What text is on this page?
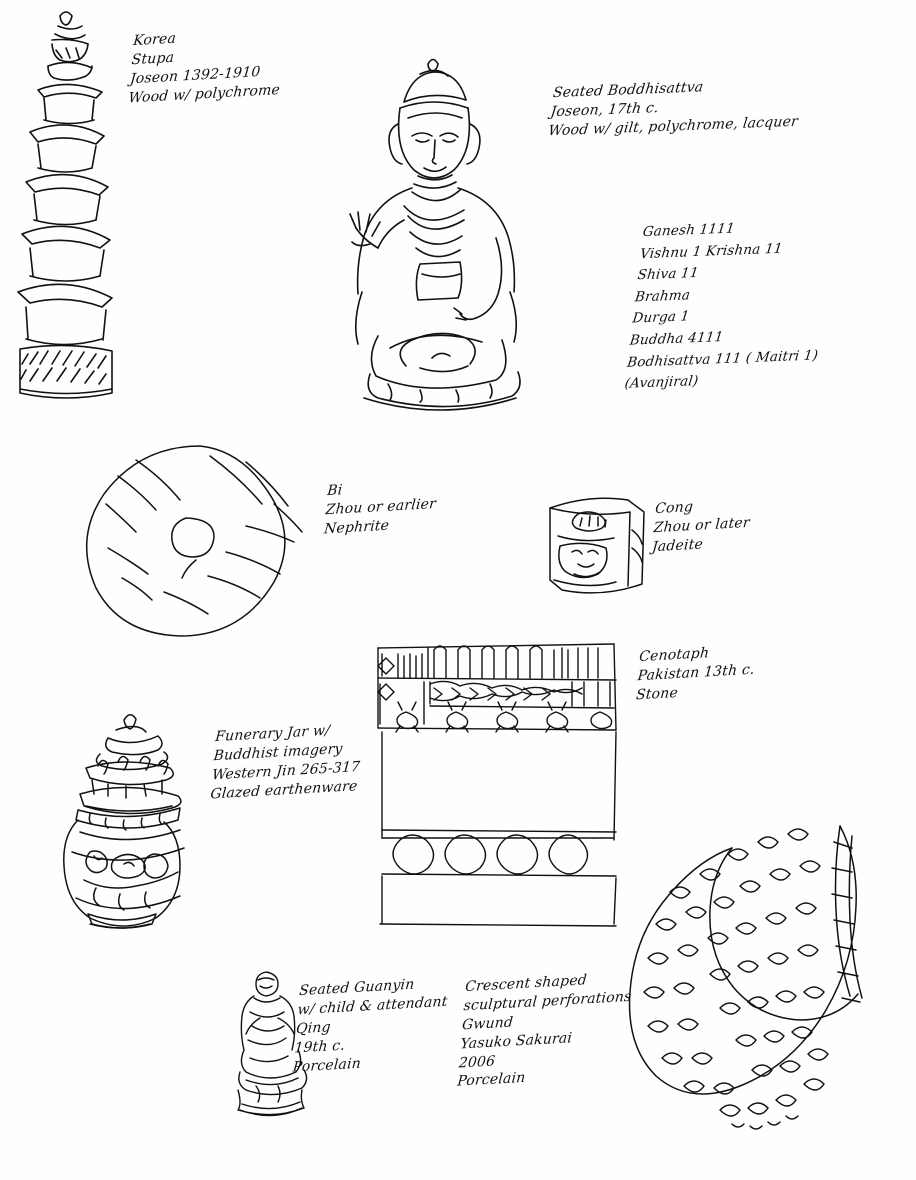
Korea
Stupa
Joseon 1392-1910
Wood w/ polychrome	Seated Boddhisattva
Joseon, 17th c.
Wood w/ gilt, polychrome, lacquer
Ganesh 1111
Vishnu 1 Krishna 11
Shiva 11
Brahma
Durga 1
Buddha 4111
Bodhisattva 111 ( Maitri 1)
(Avanjiral)
Bi
Zhou or earlier
Nephrite
Cong
Zhou or later
Jadeite
Cenotaph
Pakistan 13th c.
Stone
Funerary Jar w/
Buddhist imagery
Western Jin 265-317
Glazed earthenware
Seated Guanyin
w/ child & attendant
Qing
19th c.
Porcelain
Crescent shaped
sculptural perforations
Gwund
Yasuko Sakurai
2006
Porcelain
